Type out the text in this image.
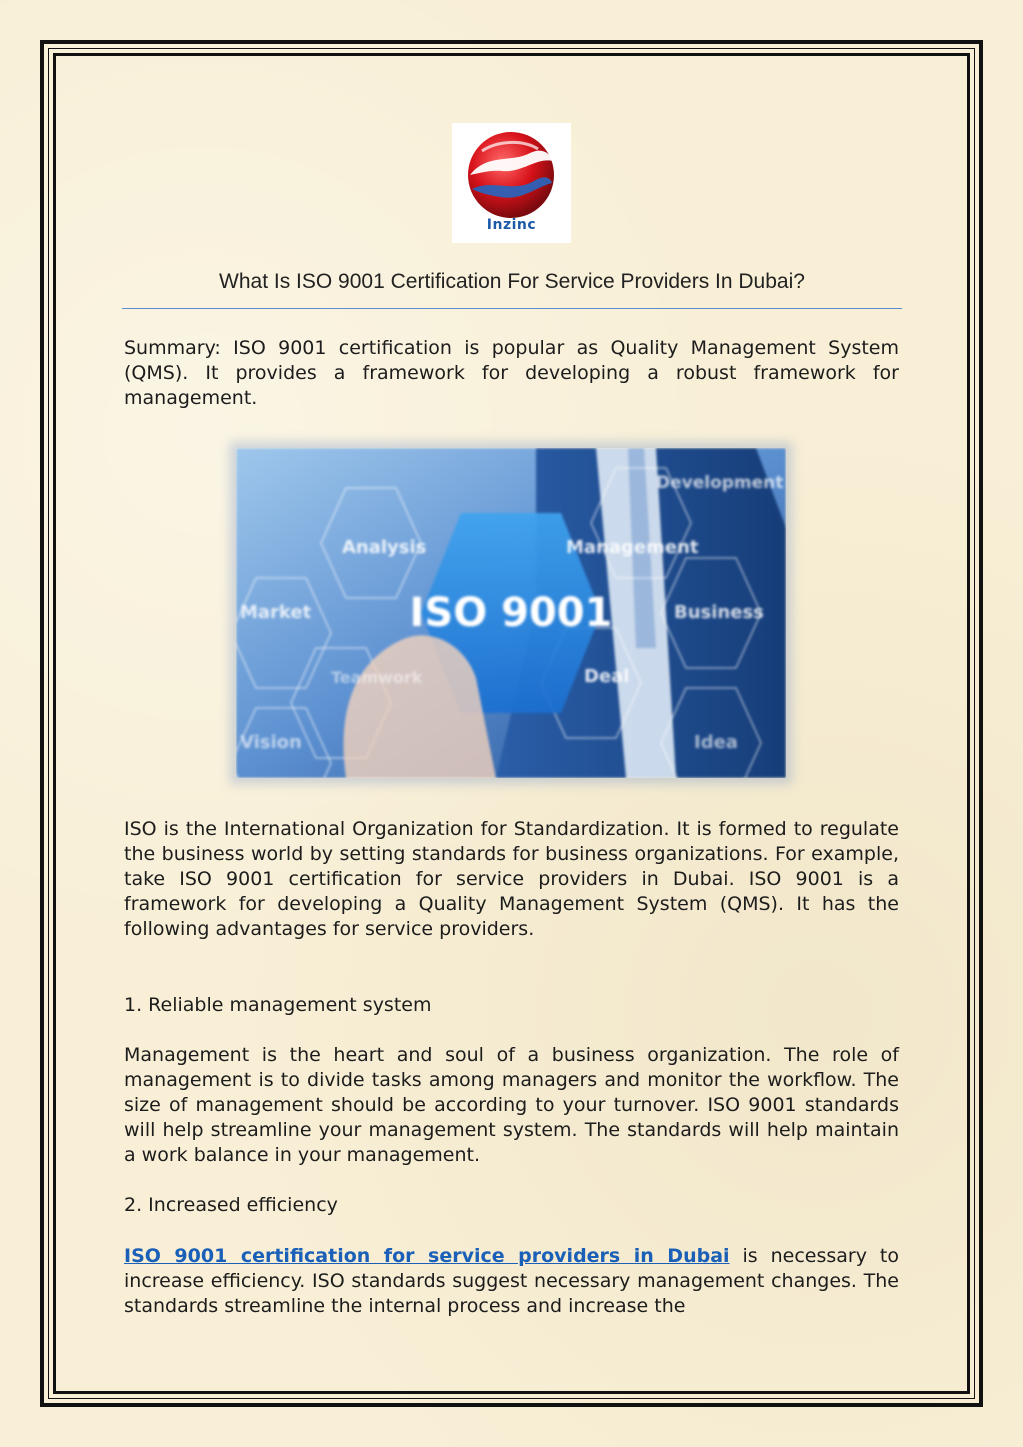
Inzinc
What Is ISO 9001 Certification For Service Providers In Dubai?
Summary: ISO 9001 certification is popular as Quality Management System (QMS). It provides a framework for developing a robust framework for management.
ISO 9001
Analysis	Management
Development
Market	Business
Teamwork	Deal
Vision	Idea
ISO is the International Organization for Standardization. It is formed to regulate the business world by setting standards for business organizations. For example, take ISO 9001 certification for service providers in Dubai. ISO 9001 is a framework for developing a Quality Management System (QMS). It has the following advantages for service providers.
1. Reliable management system
Management is the heart and soul of a business organization. The role of management is to divide tasks among managers and monitor the workflow. The size of management should be according to your turnover. ISO 9001 standards will help streamline your management system. The standards will help maintain a work balance in your management.
2. Increased efficiency
ISO 9001 certification for service providers in Dubai is necessary to increase efficiency. ISO standards suggest necessary management changes. The standards streamline the internal process and increase the
